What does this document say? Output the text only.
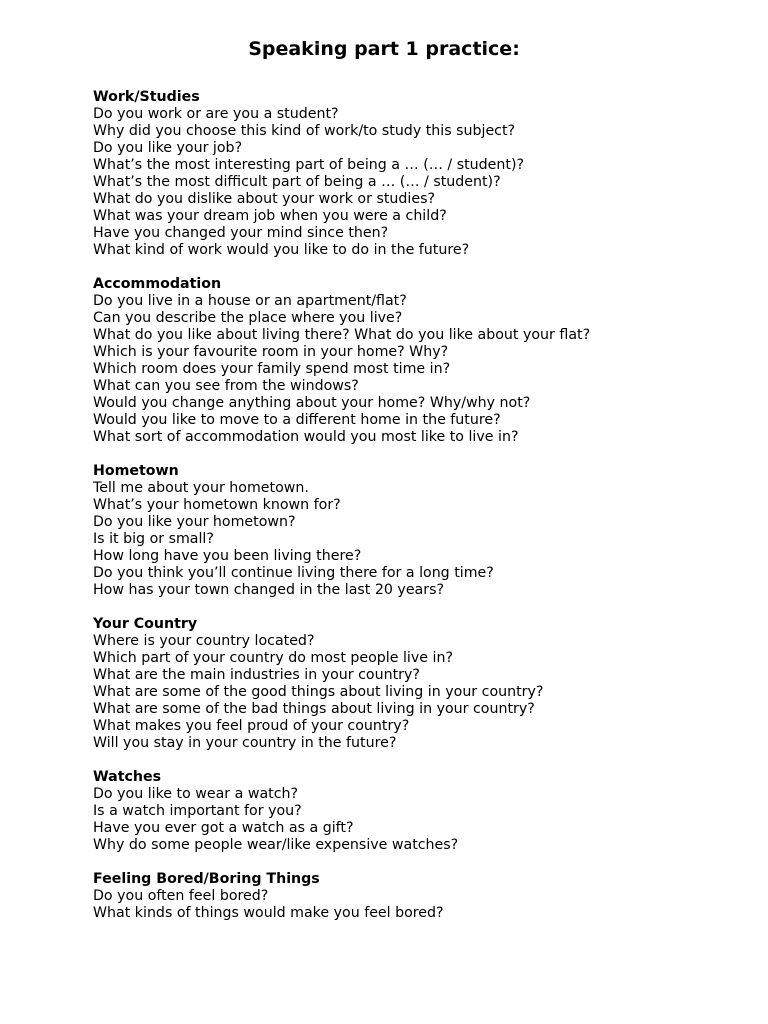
Speaking part 1 practice:

Work/Studies

Do you work or are you a student?

Why did you choose this kind of work/to study this subject?

Do you like your job?

What’s the most interesting part of being a … (… / student)?

What’s the most difficult part of being a … (… / student)?

What do you dislike about your work or studies?

What was your dream job when you were a child?

Have you changed your mind since then?

What kind of work would you like to do in the future?

Accommodation

Do you live in a house or an apartment/flat?

Can you describe the place where you live?

What do you like about living there? What do you like about your flat?

Which is your favourite room in your home? Why?

Which room does your family spend most time in?

What can you see from the windows?

Would you change anything about your home? Why/why not?

Would you like to move to a different home in the future?

What sort of accommodation would you most like to live in?

Hometown

Tell me about your hometown.

What’s your hometown known for?

Do you like your hometown?

Is it big or small?

How long have you been living there?

Do you think you’ll continue living there for a long time?

How has your town changed in the last 20 years?

Your Country

Where is your country located?

Which part of your country do most people live in?

What are the main industries in your country?

What are some of the good things about living in your country?

What are some of the bad things about living in your country?

What makes you feel proud of your country?

Will you stay in your country in the future?

Watches

Do you like to wear a watch?

Is a watch important for you?

Have you ever got a watch as a gift?

Why do some people wear/like expensive watches?

Feeling Bored/Boring Things

Do you often feel bored?

What kinds of things would make you feel bored?
